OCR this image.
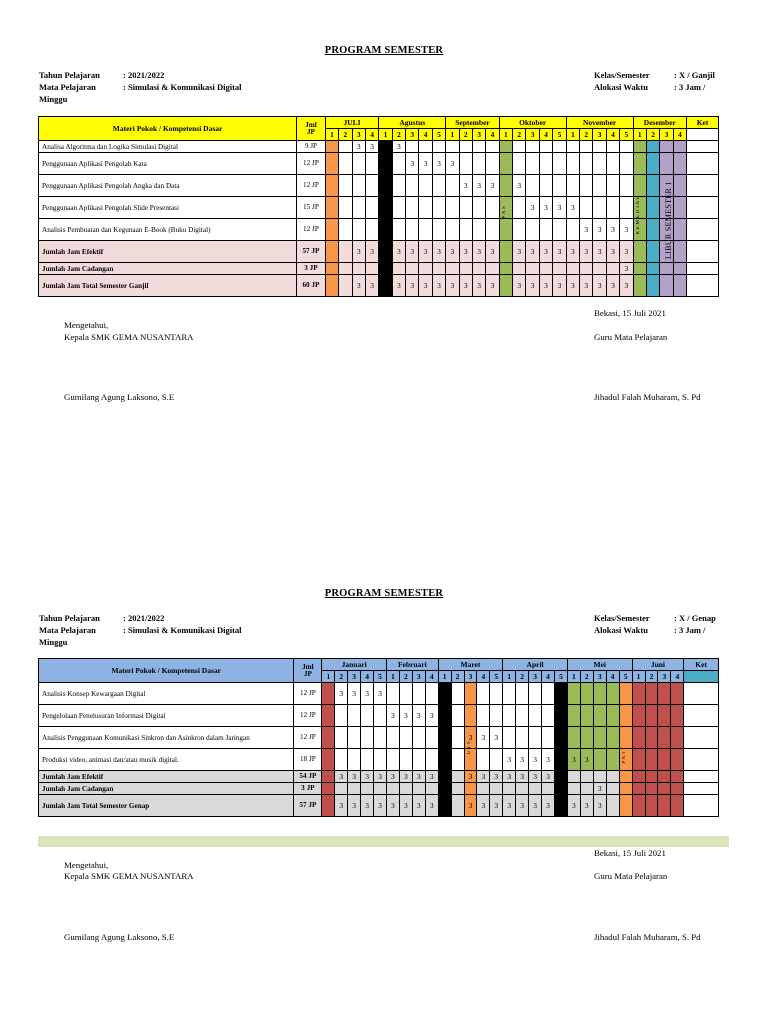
PROGRAM SEMESTER
Tahun Pelajaran	: 2021/2022
Mata Pelajaran	: Simulasi & Komunikasi Digital
Minggu
Kelas/Semester	: X / Ganjil
Alokasi Waktu	: 3 Jam /
Materi Pokok / Kompetensi Dasar	Jml
JP	JULI				Agustus					September				Oktober					November					Desember				Ket
		1	2	3	4	1	2	3	4	5	1	2	3	4	1	2	3	4	5	1	2	3	4	5	1	2	3	4	
Analisa Algoritma dan Logika Simulasi Digital	9 JP			3	3		3																						
Penggunaan Aplikasi Pengolah Kata	12 JP							3	3	3	3																		
Penggunaan Aplikasi Pengolah Angka dan Data	12 JP											3	3	3		3													
Penggunaan Aplikasi Pengolah Slide Presentasi	15 JP																3	3	3	3									
Analisis Pembuatan dan Kegunaan E-Book (Buku Digital)	12 JP																				3	3	3	3					
Jumlah Jam Efektif	57 JP			3	3		3	3	3	3	3	3	3	3		3	3	3	3	3	3	3	3	3					
Jumlah Jam Cadangan	3 JP																							3					
Jumlah Jam Total Semester Ganjil	60 JP			3	3		3	3	3	3	3	3	3	3		3	3	3	3	3	3	3	3	3					
Bekasi, 15 Juli 2021
Mengetahui,
Kepala SMK GEMA NUSANTARA	Guru Mata Pelajaran
Gumilang Agung Laksono, S.E	Jihadul Falah Muharam, S. Pd
PROGRAM SEMESTER
Tahun Pelajaran	: 2021/2022
Mata Pelajaran	: Simulasi & Komunikasi Digital
Minggu
Kelas/Semester	: X / Genap
Alokasi Waktu	: 3 Jam /
Materi Pokok / Kompetensi Dasar	Jml
JP	Januari					Februari				Maret					April					Mei					Juni				Ket
		1	2	3	4	5	1	2	3	4	1	2	3	4	5	1	2	3	4	5	1	2	3	4	5	1	2	3	4	
Analisis Konsep Kewargaan Digital	12 JP		3	3	3	3																								
Pengelolaan Penelusuran Informasi Digital	12 JP						3	3	3	3																				
Analisis Penggunaan Komunikasi Sinkron dan Asinkron dalam Jaringan	12 JP										3		3	3	3															
Produksi video, animasi dan/atau musik digital.	18 JP															3	3	3	3		3	3								
Jumlah Jam Efektif	54 JP		3	3	3	3	3	3	3	3	3		3	3	3	3	3	3	3											
Jumlah Jam Cadangan	3 JP																						3							
Jumlah Jam Total Semester Genap	57 JP		3	3	3	3	3	3	3	3	3		3	3	3	3	3	3	3		3	3	3							
Bekasi, 15 Juli 2021
Mengetahui,
Kepala SMK GEMA NUSANTARA	Guru Mata Pelajaran
Gumilang Agung Laksono, S.E	Jihadul Falah Muharam, S. Pd
LIBUR SEMESTER 1
R E M E D I A L
P A S
U T S
P A T
